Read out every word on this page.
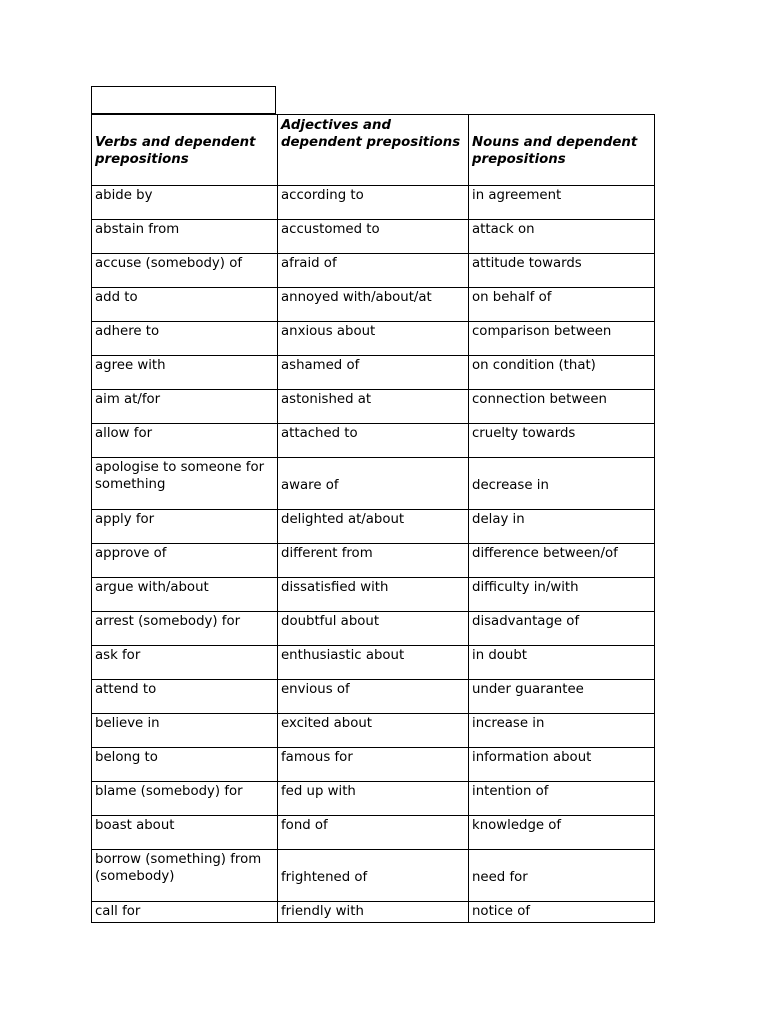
Verbs and dependent prepositions	Adjectives and dependent prepositions	Nouns and dependent prepositions
abide by	according to	in agreement
abstain from	accustomed to	attack on
accuse (somebody) of	afraid of	attitude towards
add to	annoyed with/about/at	on behalf of
adhere to	anxious about	comparison between
agree with	ashamed of	on condition (that)
aim at/for	astonished at	connection between
allow for	attached to	cruelty towards
apologise to someone for something	aware of	decrease in
apply for	delighted at/about	delay in
approve of	different from	difference between/of
argue with/about	dissatisfied with	difficulty in/with
arrest (somebody) for	doubtful about	disadvantage of
ask for	enthusiastic about	in doubt
attend to	envious of	under guarantee
believe in	excited about	increase in
belong to	famous for	information about
blame (somebody) for	fed up with	intention of
boast about	fond of	knowledge of
borrow (something) from (somebody)	frightened of	need for
call for	friendly with	notice of
